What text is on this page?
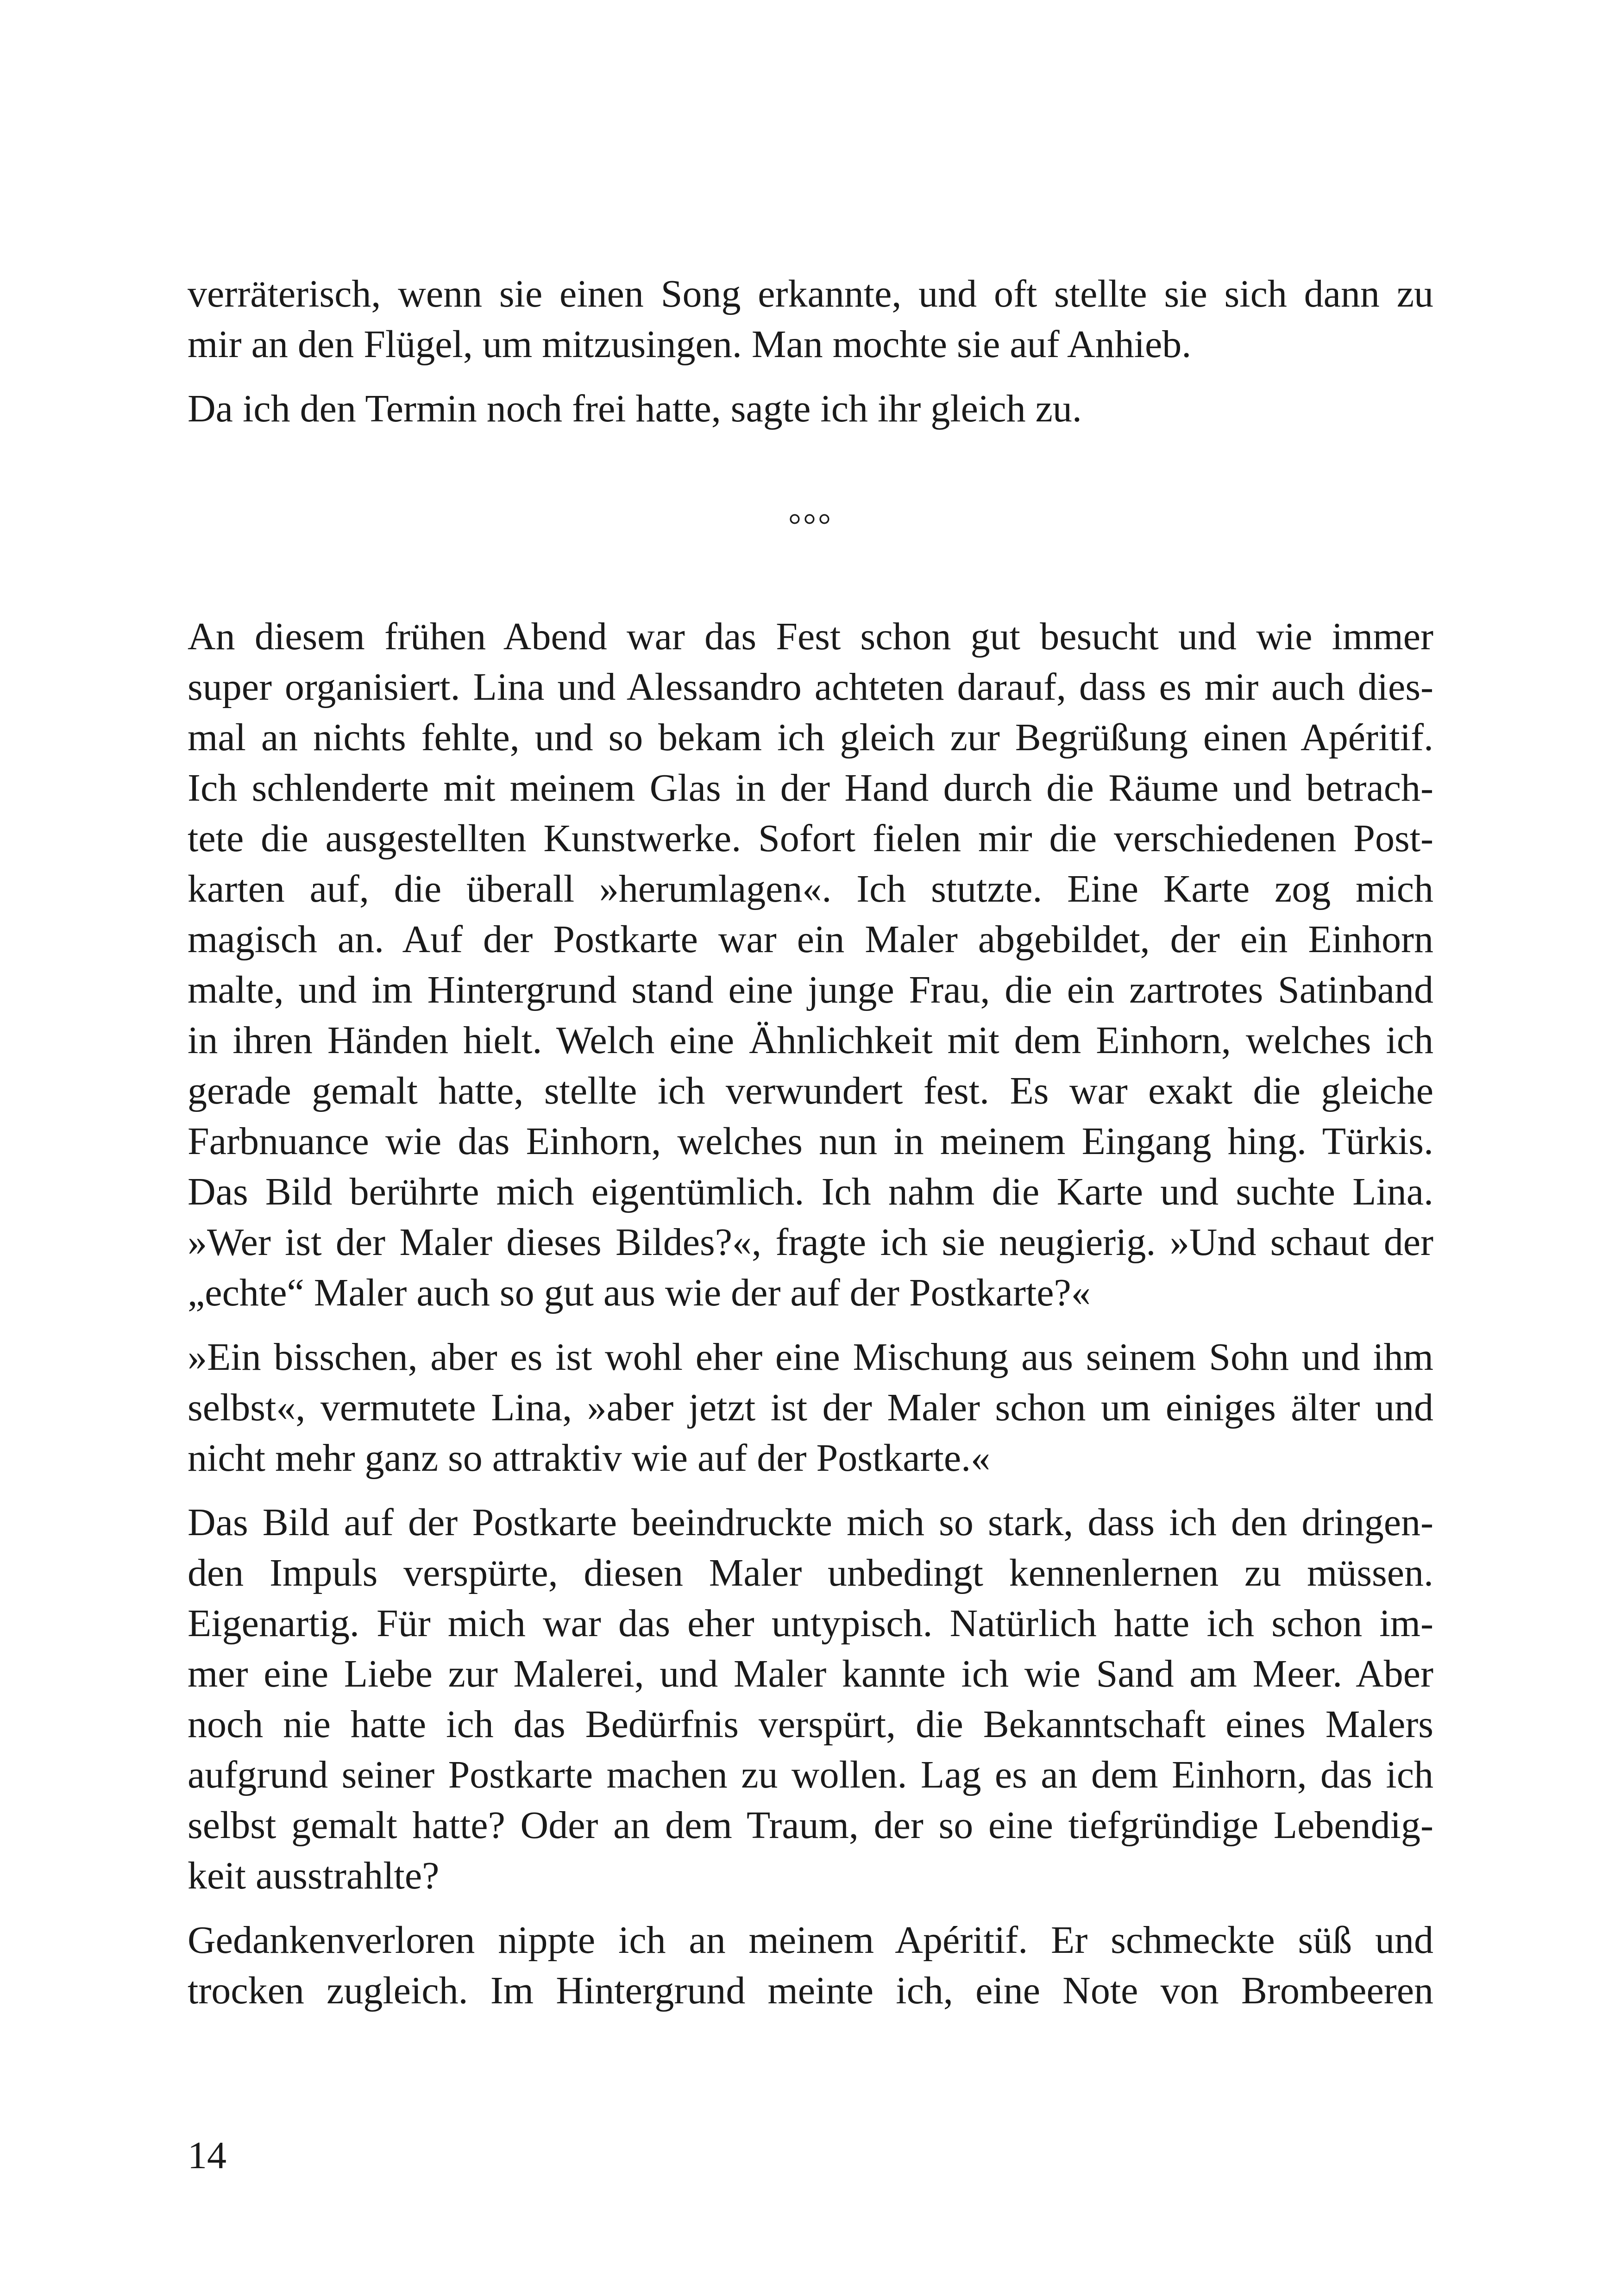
verräterisch, wenn sie einen Song erkannte, und oft stellte sie sich dann zu
mir an den Flügel, um mitzusingen. Man mochte sie auf Anhieb.

Da ich den Termin noch frei hatte, sagte ich ihr gleich zu.

°°°

An diesem frühen Abend war das Fest schon gut besucht und wie immer
super organisiert. Lina und Alessandro achteten darauf, dass es mir auch dies-
mal an nichts fehlte, und so bekam ich gleich zur Begrüßung einen Apéritif.
Ich schlenderte mit meinem Glas in der Hand durch die Räume und betrach-
tete die ausgestellten Kunstwerke. Sofort fielen mir die verschiedenen Post-
karten auf, die überall »herumlagen«. Ich stutzte. Eine Karte zog mich
magisch an. Auf der Postkarte war ein Maler abgebildet, der ein Einhorn
malte, und im Hintergrund stand eine junge Frau, die ein zartrotes Satinband
in ihren Händen hielt. Welch eine Ähnlichkeit mit dem Einhorn, welches ich
gerade gemalt hatte, stellte ich verwundert fest. Es war exakt die gleiche
Farbnuance wie das Einhorn, welches nun in meinem Eingang hing. Türkis.
Das Bild berührte mich eigentümlich. Ich nahm die Karte und suchte Lina.
»Wer ist der Maler dieses Bildes?«, fragte ich sie neugierig. »Und schaut der
„echte“ Maler auch so gut aus wie der auf der Postkarte?«

»Ein bisschen, aber es ist wohl eher eine Mischung aus seinem Sohn und ihm
selbst«, vermutete Lina, »aber jetzt ist der Maler schon um einiges älter und
nicht mehr ganz so attraktiv wie auf der Postkarte.«

Das Bild auf der Postkarte beeindruckte mich so stark, dass ich den dringen-
den Impuls verspürte, diesen Maler unbedingt kennenlernen zu müssen.
Eigenartig. Für mich war das eher untypisch. Natürlich hatte ich schon im-
mer eine Liebe zur Malerei, und Maler kannte ich wie Sand am Meer. Aber
noch nie hatte ich das Bedürfnis verspürt, die Bekanntschaft eines Malers
aufgrund seiner Postkarte machen zu wollen. Lag es an dem Einhorn, das ich
selbst gemalt hatte? Oder an dem Traum, der so eine tiefgründige Lebendig-
keit ausstrahlte?

Gedankenverloren nippte ich an meinem Apéritif. Er schmeckte süß und
trocken zugleich. Im Hintergrund meinte ich, eine Note von Brombeeren

14
